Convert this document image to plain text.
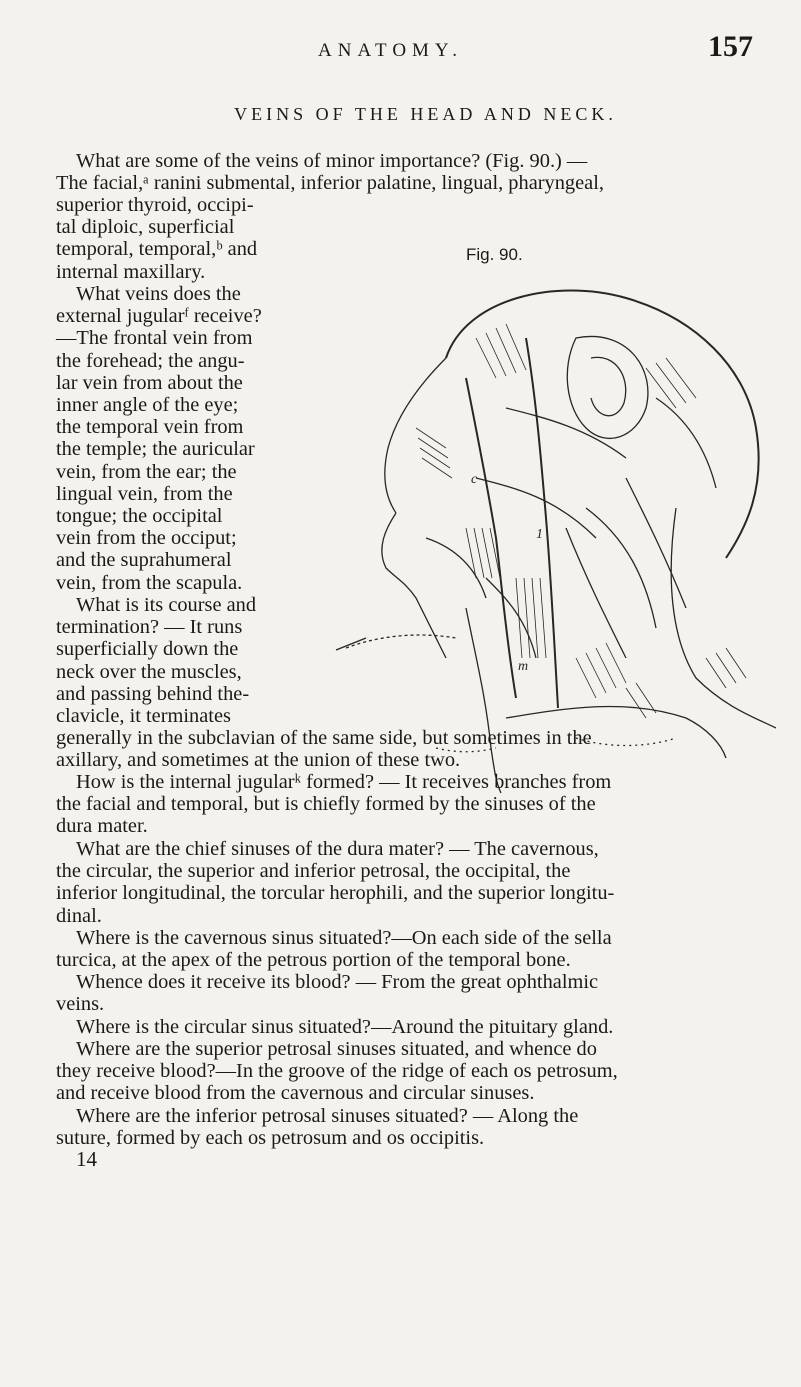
ANATOMY.	157
VEINS OF THE HEAD AND NECK.
What are some of the veins of minor importance? (Fig. 90.) —
The facial,ᵃ ranini submental, inferior palatine, lingual, pharyngeal,
superior thyroid, occipi-
tal diploic, superficial
temporal, temporal,ᵇ and
internal maxillary.
What veins does the
external jugularᶠ receive?
—The frontal vein from
the forehead; the angu-
lar vein from about the
inner angle of the eye;
the temporal vein from
the temple; the auricular
vein, from the ear; the
lingual vein, from the
tongue; the occipital
vein from the occiput;
and the suprahumeral
vein, from the scapula.
What is its course and
termination? — It runs
superficially down the
neck over the muscles,
and passing behind the-
clavicle, it terminates
Fig. 90.
c
1
m
generally in the subclavian of the same side, but sometimes in the
axillary, and sometimes at the union of these two.
How is the internal jugularᵏ formed? — It receives branches from
the facial and temporal, but is chiefly formed by the sinuses of the
dura mater.
What are the chief sinuses of the dura mater? — The cavernous,
the circular, the superior and inferior petrosal, the occipital, the
inferior longitudinal, the torcular herophili, and the superior longitu-
dinal.
Where is the cavernous sinus situated?—On each side of the sella
turcica, at the apex of the petrous portion of the temporal bone.
Whence does it receive its blood? — From the great ophthalmic
veins.
Where is the circular sinus situated?—Around the pituitary gland.
Where are the superior petrosal sinuses situated, and whence do
they receive blood?—In the groove of the ridge of each os petrosum,
and receive blood from the cavernous and circular sinuses.
Where are the inferior petrosal sinuses situated? — Along the
suture, formed by each os petrosum and os occipitis.
14
